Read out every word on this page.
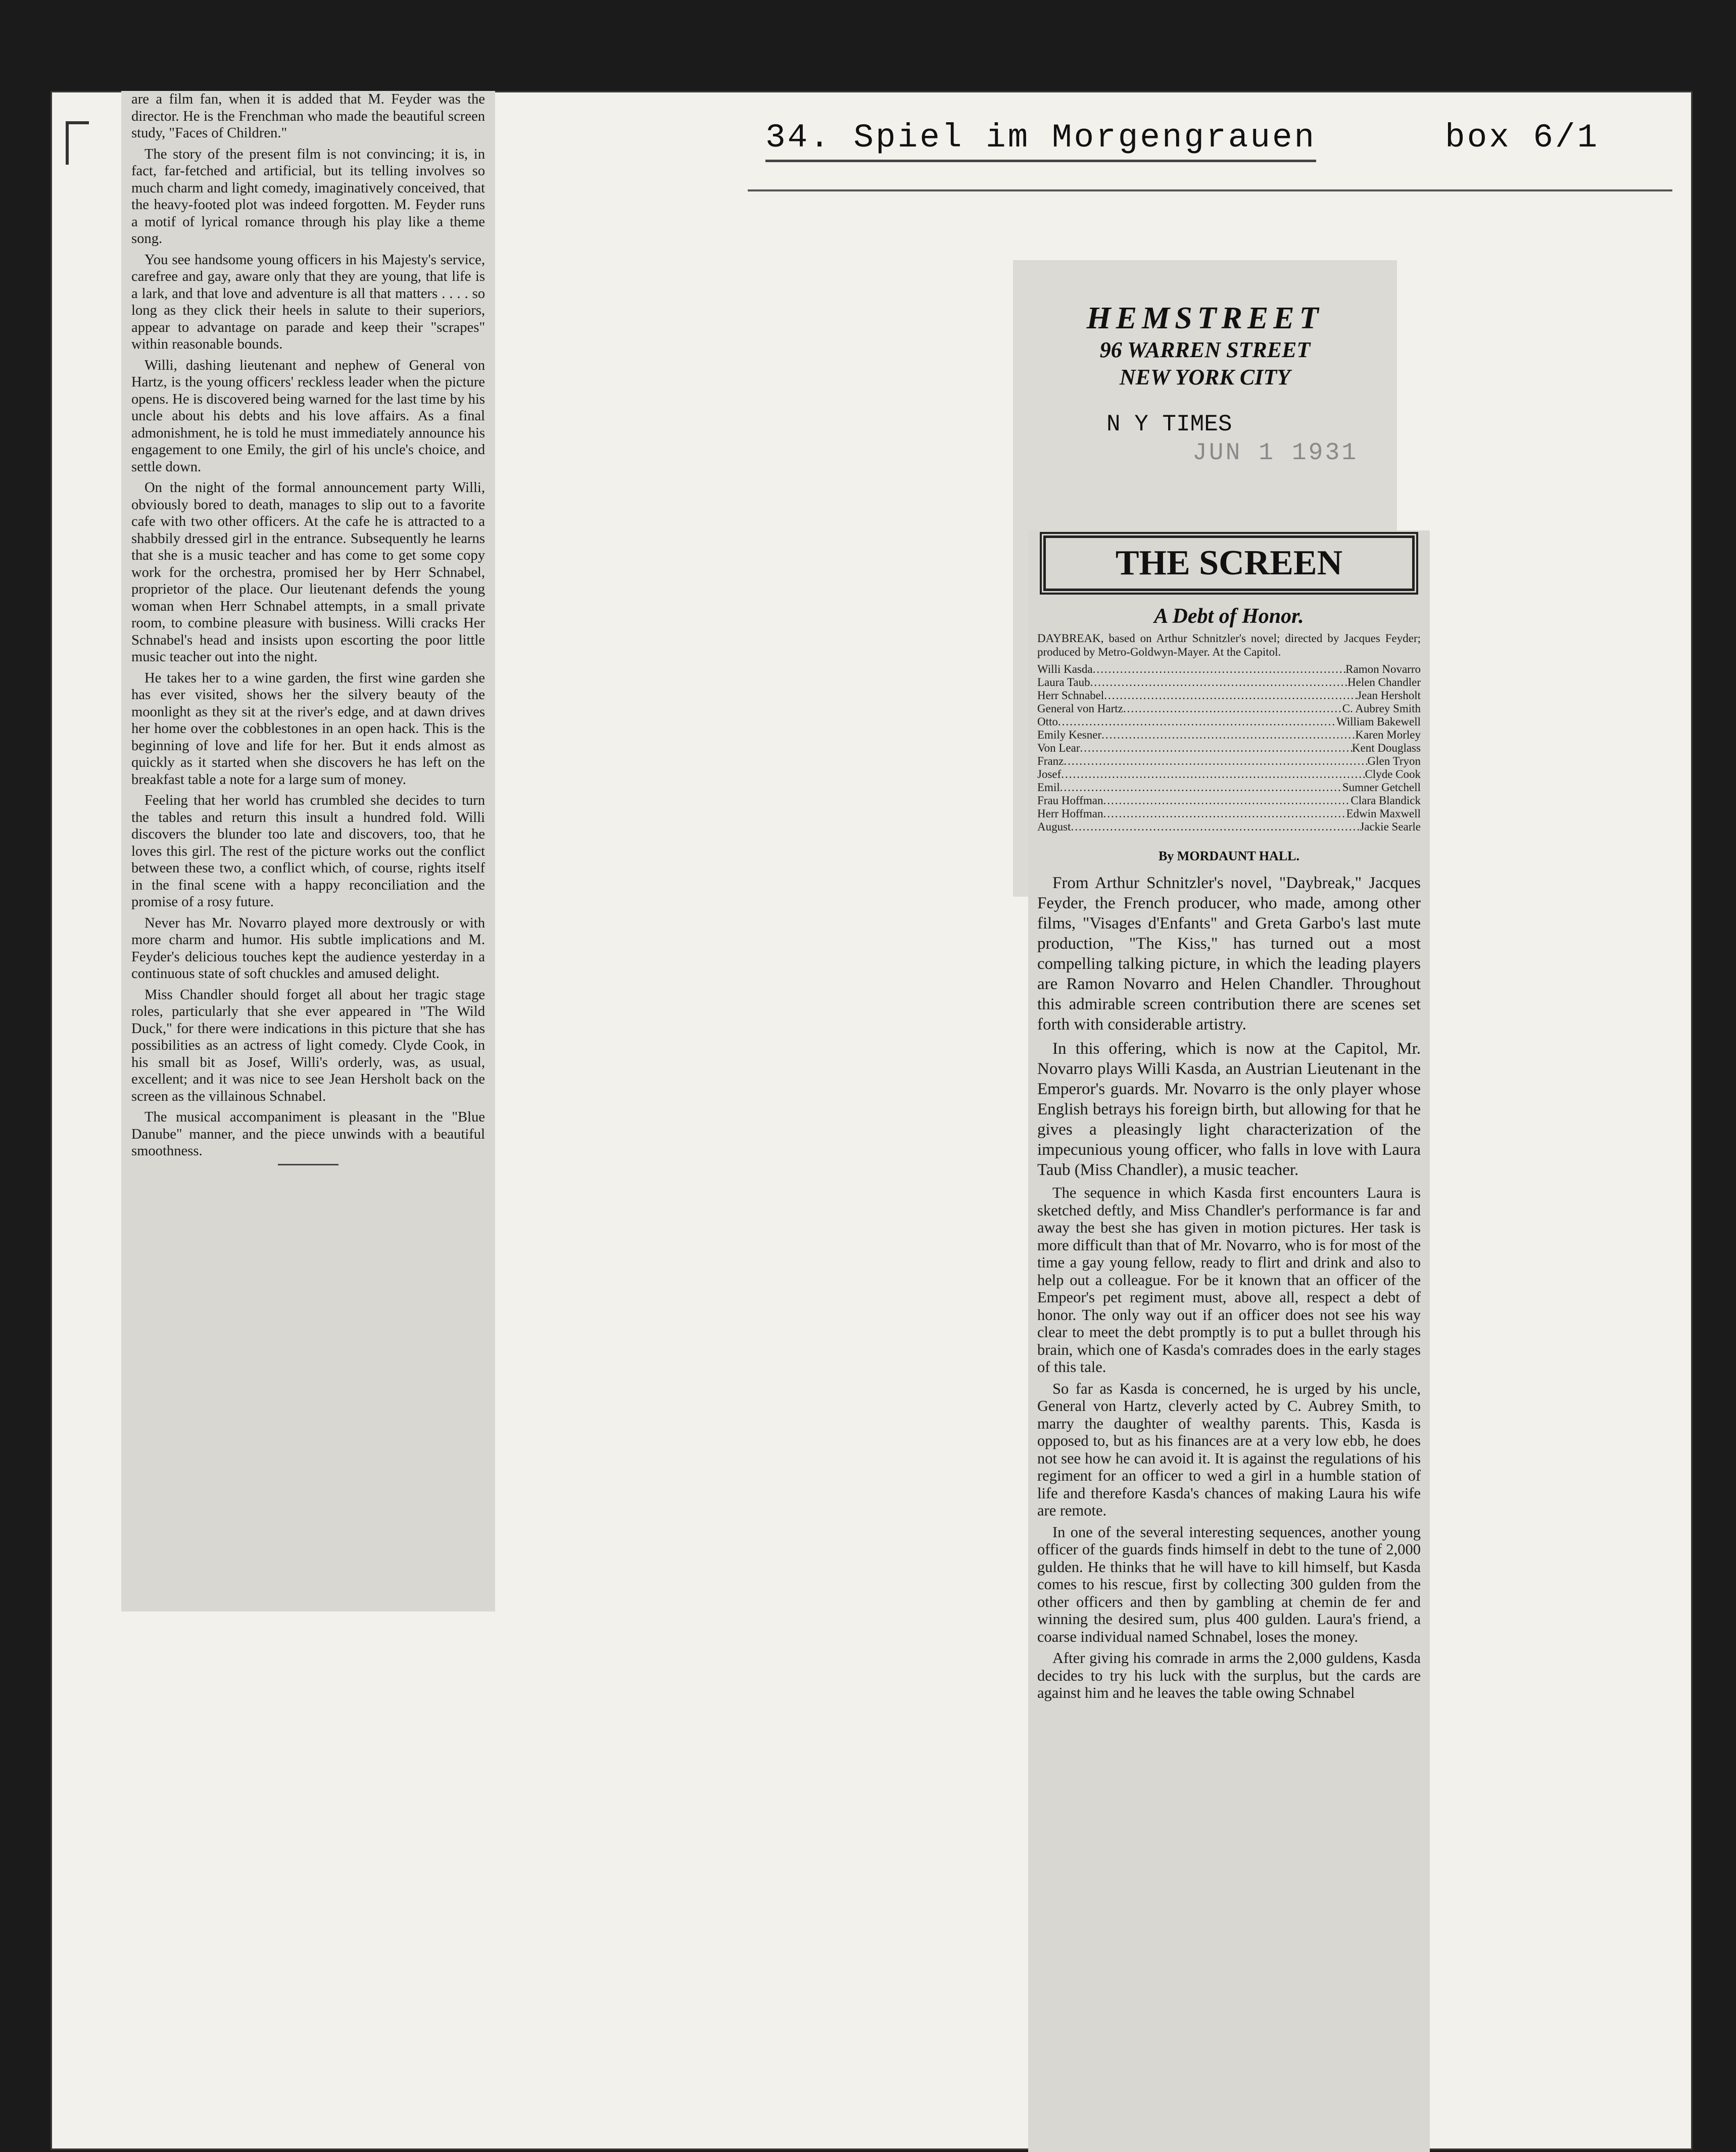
34. Spiel im Morgengrauen	box 6/1

are a film fan, when it is added that M. Feyder was the director. He is the Frenchman who made the beautiful screen study, "Faces of Children."

The story of the present film is not convincing; it is, in fact, far-fetched and artificial, but its telling involves so much charm and light comedy, imaginatively conceived, that the heavy-footed plot was indeed forgotten. M. Feyder runs a motif of lyrical romance through his play like a theme song.

You see handsome young officers in his Majesty's service, carefree and gay, aware only that they are young, that life is a lark, and that love and adventure is all that matters . . . . so long as they click their heels in salute to their superiors, appear to advantage on parade and keep their "scrapes" within reasonable bounds.

Willi, dashing lieutenant and nephew of General von Hartz, is the young officers' reckless leader when the picture opens. He is discovered being warned for the last time by his uncle about his debts and his love affairs. As a final admonishment, he is told he must immediately announce his engagement to one Emily, the girl of his uncle's choice, and settle down.

On the night of the formal announcement party Willi, obviously bored to death, manages to slip out to a favorite cafe with two other officers. At the cafe he is attracted to a shabbily dressed girl in the entrance. Subsequently he learns that she is a music teacher and has come to get some copy work for the orchestra, promised her by Herr Schnabel, proprietor of the place. Our lieutenant defends the young woman when Herr Schnabel attempts, in a small private room, to combine pleasure with business. Willi cracks Her Schnabel's head and insists upon escorting the poor little music teacher out into the night.

He takes her to a wine garden, the first wine garden she has ever visited, shows her the silvery beauty of the moonlight as they sit at the river's edge, and at dawn drives her home over the cobblestones in an open hack. This is the beginning of love and life for her. But it ends almost as quickly as it started when she discovers he has left on the breakfast table a note for a large sum of money.

Feeling that her world has crumbled she decides to turn the tables and return this insult a hundred fold. Willi discovers the blunder too late and discovers, too, that he loves this girl. The rest of the picture works out the conflict between these two, a conflict which, of course, rights itself in the final scene with a happy reconciliation and the promise of a rosy future.

Never has Mr. Novarro played more dextrously or with more charm and humor. His subtle implications and M. Feyder's delicious touches kept the audience yesterday in a continuous state of soft chuckles and amused delight.

Miss Chandler should forget all about her tragic stage roles, particularly that she ever appeared in "The Wild Duck," for there were indications in this picture that she has possibilities as an actress of light comedy. Clyde Cook, in his small bit as Josef, Willi's orderly, was, as usual, excellent; and it was nice to see Jean Hersholt back on the screen as the villainous Schnabel.

The musical accompaniment is pleasant in the "Blue Danube" manner, and the piece unwinds with a beautiful smoothness.

HEMSTREET
96 WARREN STREET
NEW YORK CITY
N Y TIMES
JUN 1 1931
THE SCREEN
A Debt of Honor.

DAYBREAK, based on Arthur Schnitzler's novel; directed by Jacques Feyder; produced by Metro-Goldwyn-Mayer. At the Capitol.

Willi Kasda .....	Ramon Novarro
Laura Taub .....	Helen Chandler
Herr Schnabel .....	Jean Hersholt
General von Hartz .....	C. Aubrey Smith
Otto .....	William Bakewell
Emily Kesner .....	Karen Morley
Von Lear .....	Kent Douglass
Franz .....	Glen Tryon
Josef .....	Clyde Cook
Emil .....	Sumner Getchell
Frau Hoffman .....	Clara Blandick
Herr Hoffman .....	Edwin Maxwell
August .....	Jackie Searle
By MORDAUNT HALL.

From Arthur Schnitzler's novel, "Daybreak," Jacques Feyder, the French producer, who made, among other films, "Visages d'Enfants" and Greta Garbo's last mute production, "The Kiss," has turned out a most compelling talking picture, in which the leading players are Ramon Novarro and Helen Chandler. Throughout this admirable screen contribution there are scenes set forth with considerable artistry.

In this offering, which is now at the Capitol, Mr. Novarro plays Willi Kasda, an Austrian Lieutenant in the Emperor's guards. Mr. Novarro is the only player whose English betrays his foreign birth, but allowing for that he gives a pleasingly light characterization of the impecunious young officer, who falls in love with Laura Taub (Miss Chandler), a music teacher.

The sequence in which Kasda first encounters Laura is sketched deftly, and Miss Chandler's performance is far and away the best she has given in motion pictures. Her task is more difficult than that of Mr. Novarro, who is for most of the time a gay young fellow, ready to flirt and drink and also to help out a colleague. For be it known that an officer of the Empeor's pet regiment must, above all, respect a debt of honor. The only way out if an officer does not see his way clear to meet the debt promptly is to put a bullet through his brain, which one of Kasda's comrades does in the early stages of this tale.

So far as Kasda is concerned, he is urged by his uncle, General von Hartz, cleverly acted by C. Aubrey Smith, to marry the daughter of wealthy parents. This, Kasda is opposed to, but as his finances are at a very low ebb, he does not see how he can avoid it. It is against the regulations of his regiment for an officer to wed a girl in a humble station of life and therefore Kasda's chances of making Laura his wife are remote.

In one of the several interesting sequences, another young officer of the guards finds himself in debt to the tune of 2,000 gulden. He thinks that he will have to kill himself, but Kasda comes to his rescue, first by collecting 300 gulden from the other officers and then by gambling at chemin de fer and winning the desired sum, plus 400 gulden. Laura's friend, a coarse individual named Schnabel, loses the money.

After giving his comrade in arms the 2,000 guldens, Kasda decides to try his luck with the surplus, but the cards are against him and he leaves the table owing Schnabel
